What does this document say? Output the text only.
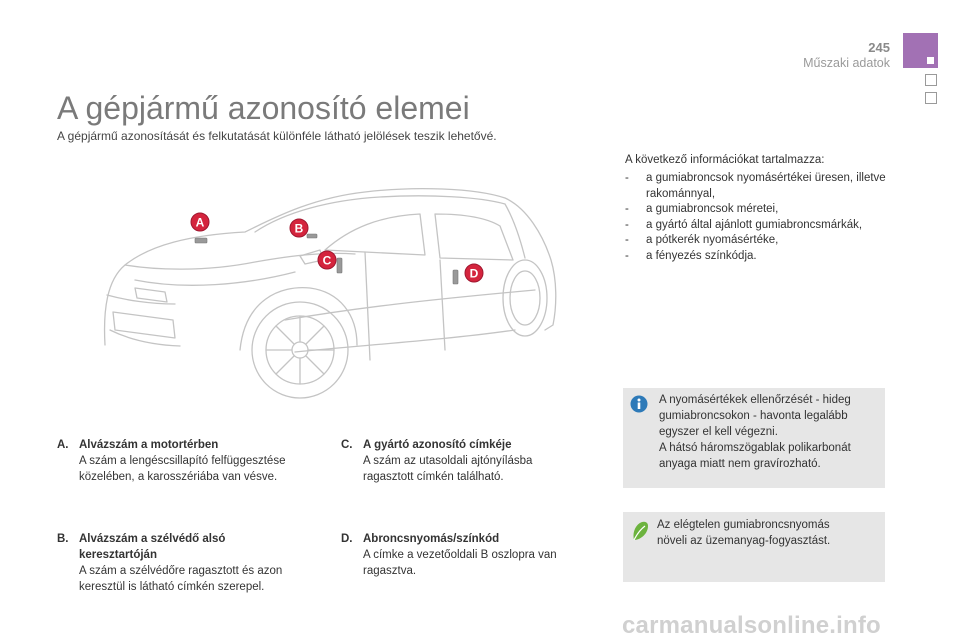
245
Műszaki adatok
A gépjármű azonosító elemei
A gépjármű azonosítását és felkutatását különféle látható jelölések teszik lehetővé.
A	B
C
D
A következő információkat tartalmazza:
- a gumiabroncsok nyomásértékei üresen, illetve rakománnyal,
- a gumiabroncsok méretei,
- a gyártó által ajánlott gumiabroncsmárkák,
- a pótkerék nyomásértéke,
- a fényezés színkódja.
A nyomásértékek ellenőrzését - hideg
gumiabroncsokon - havonta legalább
egyszer el kell végezni.
A hátsó háromszögablak polikarbonát
anyaga miatt nem gravírozható.
Az elégtelen gumiabroncsnyomás
növeli az üzemanyag-fogyasztást.
A. Alvázszám a motortérben
A szám a lengéscsillapító felfüggesztése
közelében, a karosszériába van vésve.
B. Alvázszám a szélvédő alsó
keresztartóján
A szám a szélvédőre ragasztott és azon
keresztül is látható címkén szerepel.
C. A gyártó azonosító címkéje
A szám az utasoldali ajtónyílásba
ragasztott címkén található.
D. Abroncsnyomás/színkód
A címke a vezetőoldali B oszlopra van
ragasztva.
carmanualsonline.info
